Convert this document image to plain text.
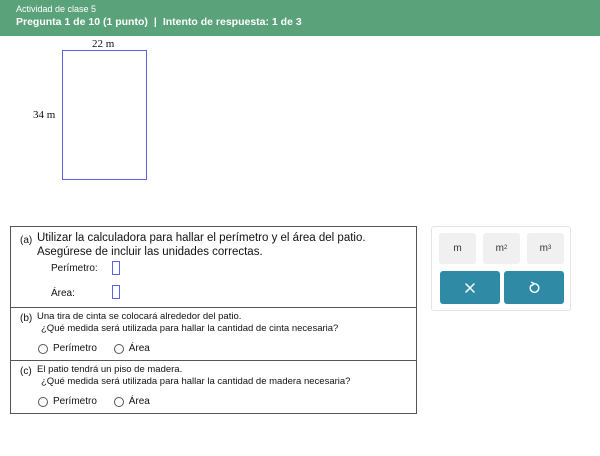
Actividad de clase 5
Pregunta 1 de 10 (1 punto) | Intento de respuesta: 1 de 3
22 m
34 m
(a) Utilizar la calculadora para hallar el perímetro y el área del patio.
Asegúrese de incluir las unidades correctas.
Perímetro:
Área:
(b) Una tira de cinta se colocará alrededor del patio.
¿Qué medida será utilizada para hallar la cantidad de cinta necesaria?
Perímetro
	Área
(c) El patio tendrá un piso de madera.
¿Qué medida será utilizada para hallar la cantidad de madera necesaria?
Perímetro
	Área
m	$m^2$	$m^3$
